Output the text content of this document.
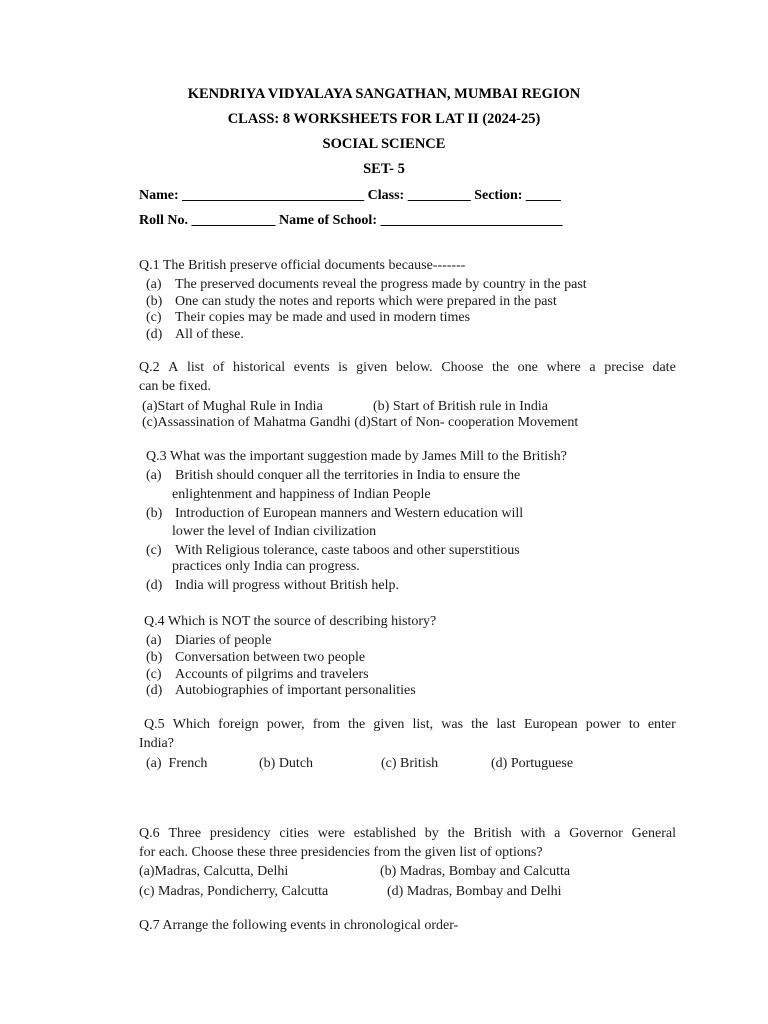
KENDRIYA VIDYALAYA SANGATHAN, MUMBAI REGION
CLASS: 8 WORKSHEETS FOR LAT II (2024-25)
SOCIAL SCIENCE
SET- 5
Name: __________________________ Class: _________ Section: _____
Roll No. ____________ Name of School: __________________________
Q.1 The British preserve official documents because-------
(a) The preserved documents reveal the progress made by country in the past
(b) One can study the notes and reports which were prepared in the past
(c) Their copies may be made and used in modern times
(d) All of these.
Q.2 A list of historical events is given below. Choose the one where a precise date
can be fixed.
(a)Start of Mughal Rule in India	(b) Start of British rule in India
(c)Assassination of Mahatma Gandhi (d)Start of Non- cooperation Movement
Q.3 What was the important suggestion made by James Mill to the British?
(a) British should conquer all the territories in India to ensure the
enlightenment and happiness of Indian People
(b) Introduction of European manners and Western education will
lower the level of Indian civilization
(c) With Religious tolerance, caste taboos and other superstitious
practices only India can progress.
(d) India will progress without British help.
Q.4 Which is NOT the source of describing history?
(a) Diaries of people
(b) Conversation between two people
(c) Accounts of pilgrims and travelers
(d) Autobiographies of important personalities
Q.5 Which foreign power, from the given list, was the last European power to enter
India?
(a)  French	(b) Dutch	(c) British	(d) Portuguese
Q.6 Three presidency cities were established by the British with a Governor General
for each. Choose these three presidencies from the given list of options?
(a)Madras, Calcutta, Delhi	(b) Madras, Bombay and Calcutta
(c) Madras, Pondicherry, Calcutta	(d) Madras, Bombay and Delhi
Q.7 Arrange the following events in chronological order-
